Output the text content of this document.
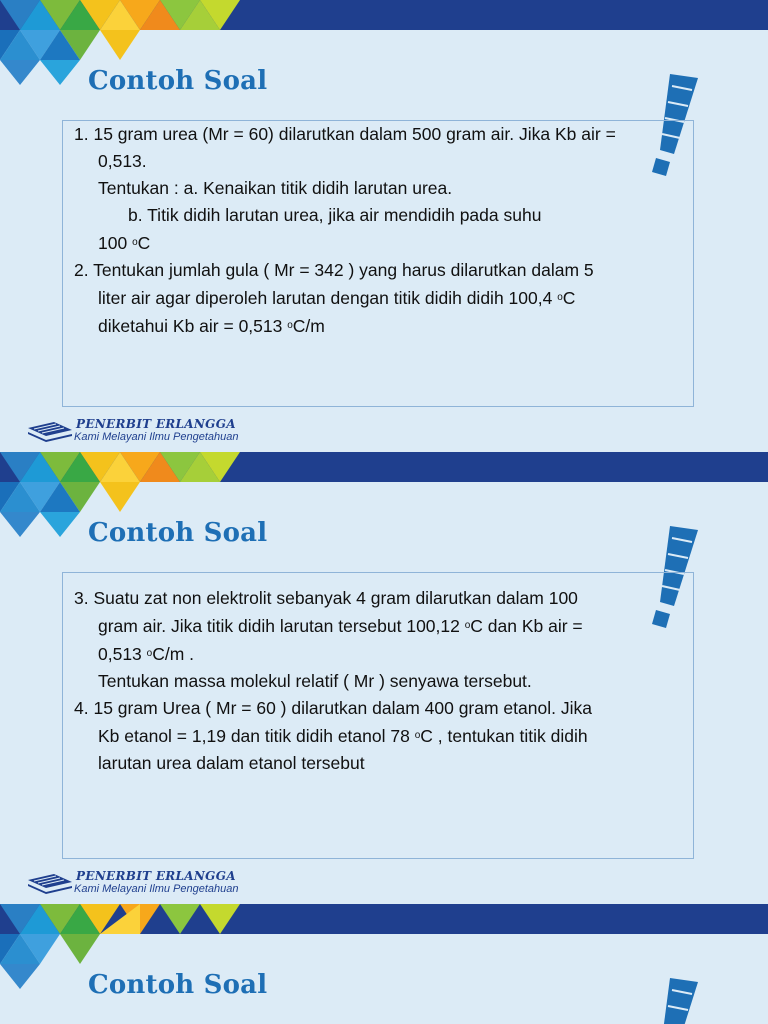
Contoh Soal
1. 15 gram urea (Mr = 60) dilarutkan dalam 500 gram air. Jika Kb air =
0,513.
Tentukan : a. Kenaikan titik didih larutan urea.
b. Titik didih larutan urea, jika air mendidih pada suhu
100 $^o$C
2. Tentukan jumlah gula ( Mr = 342 ) yang harus dilarutkan dalam 5
liter air agar diperoleh larutan dengan titik didih didih 100,4 $^o$C
diketahui Kb air = 0,513 $^o$C/m
PENERBIT ERLANGGA
Kami Melayani Ilmu Pengetahuan
Contoh Soal
3. Suatu zat non elektrolit sebanyak 4 gram dilarutkan dalam 100
gram air. Jika titik didih larutan tersebut 100,12 $^o$C dan Kb air =
0,513 $^o$C/m .
Tentukan massa molekul relatif ( Mr ) senyawa tersebut.
4. 15 gram Urea ( Mr = 60 ) dilarutkan dalam 400 gram etanol. Jika
Kb etanol = 1,19 dan titik didih etanol 78 $^o$C , tentukan titik didih
larutan urea dalam etanol tersebut
PENERBIT ERLANGGA
Kami Melayani Ilmu Pengetahuan
Contoh Soal
